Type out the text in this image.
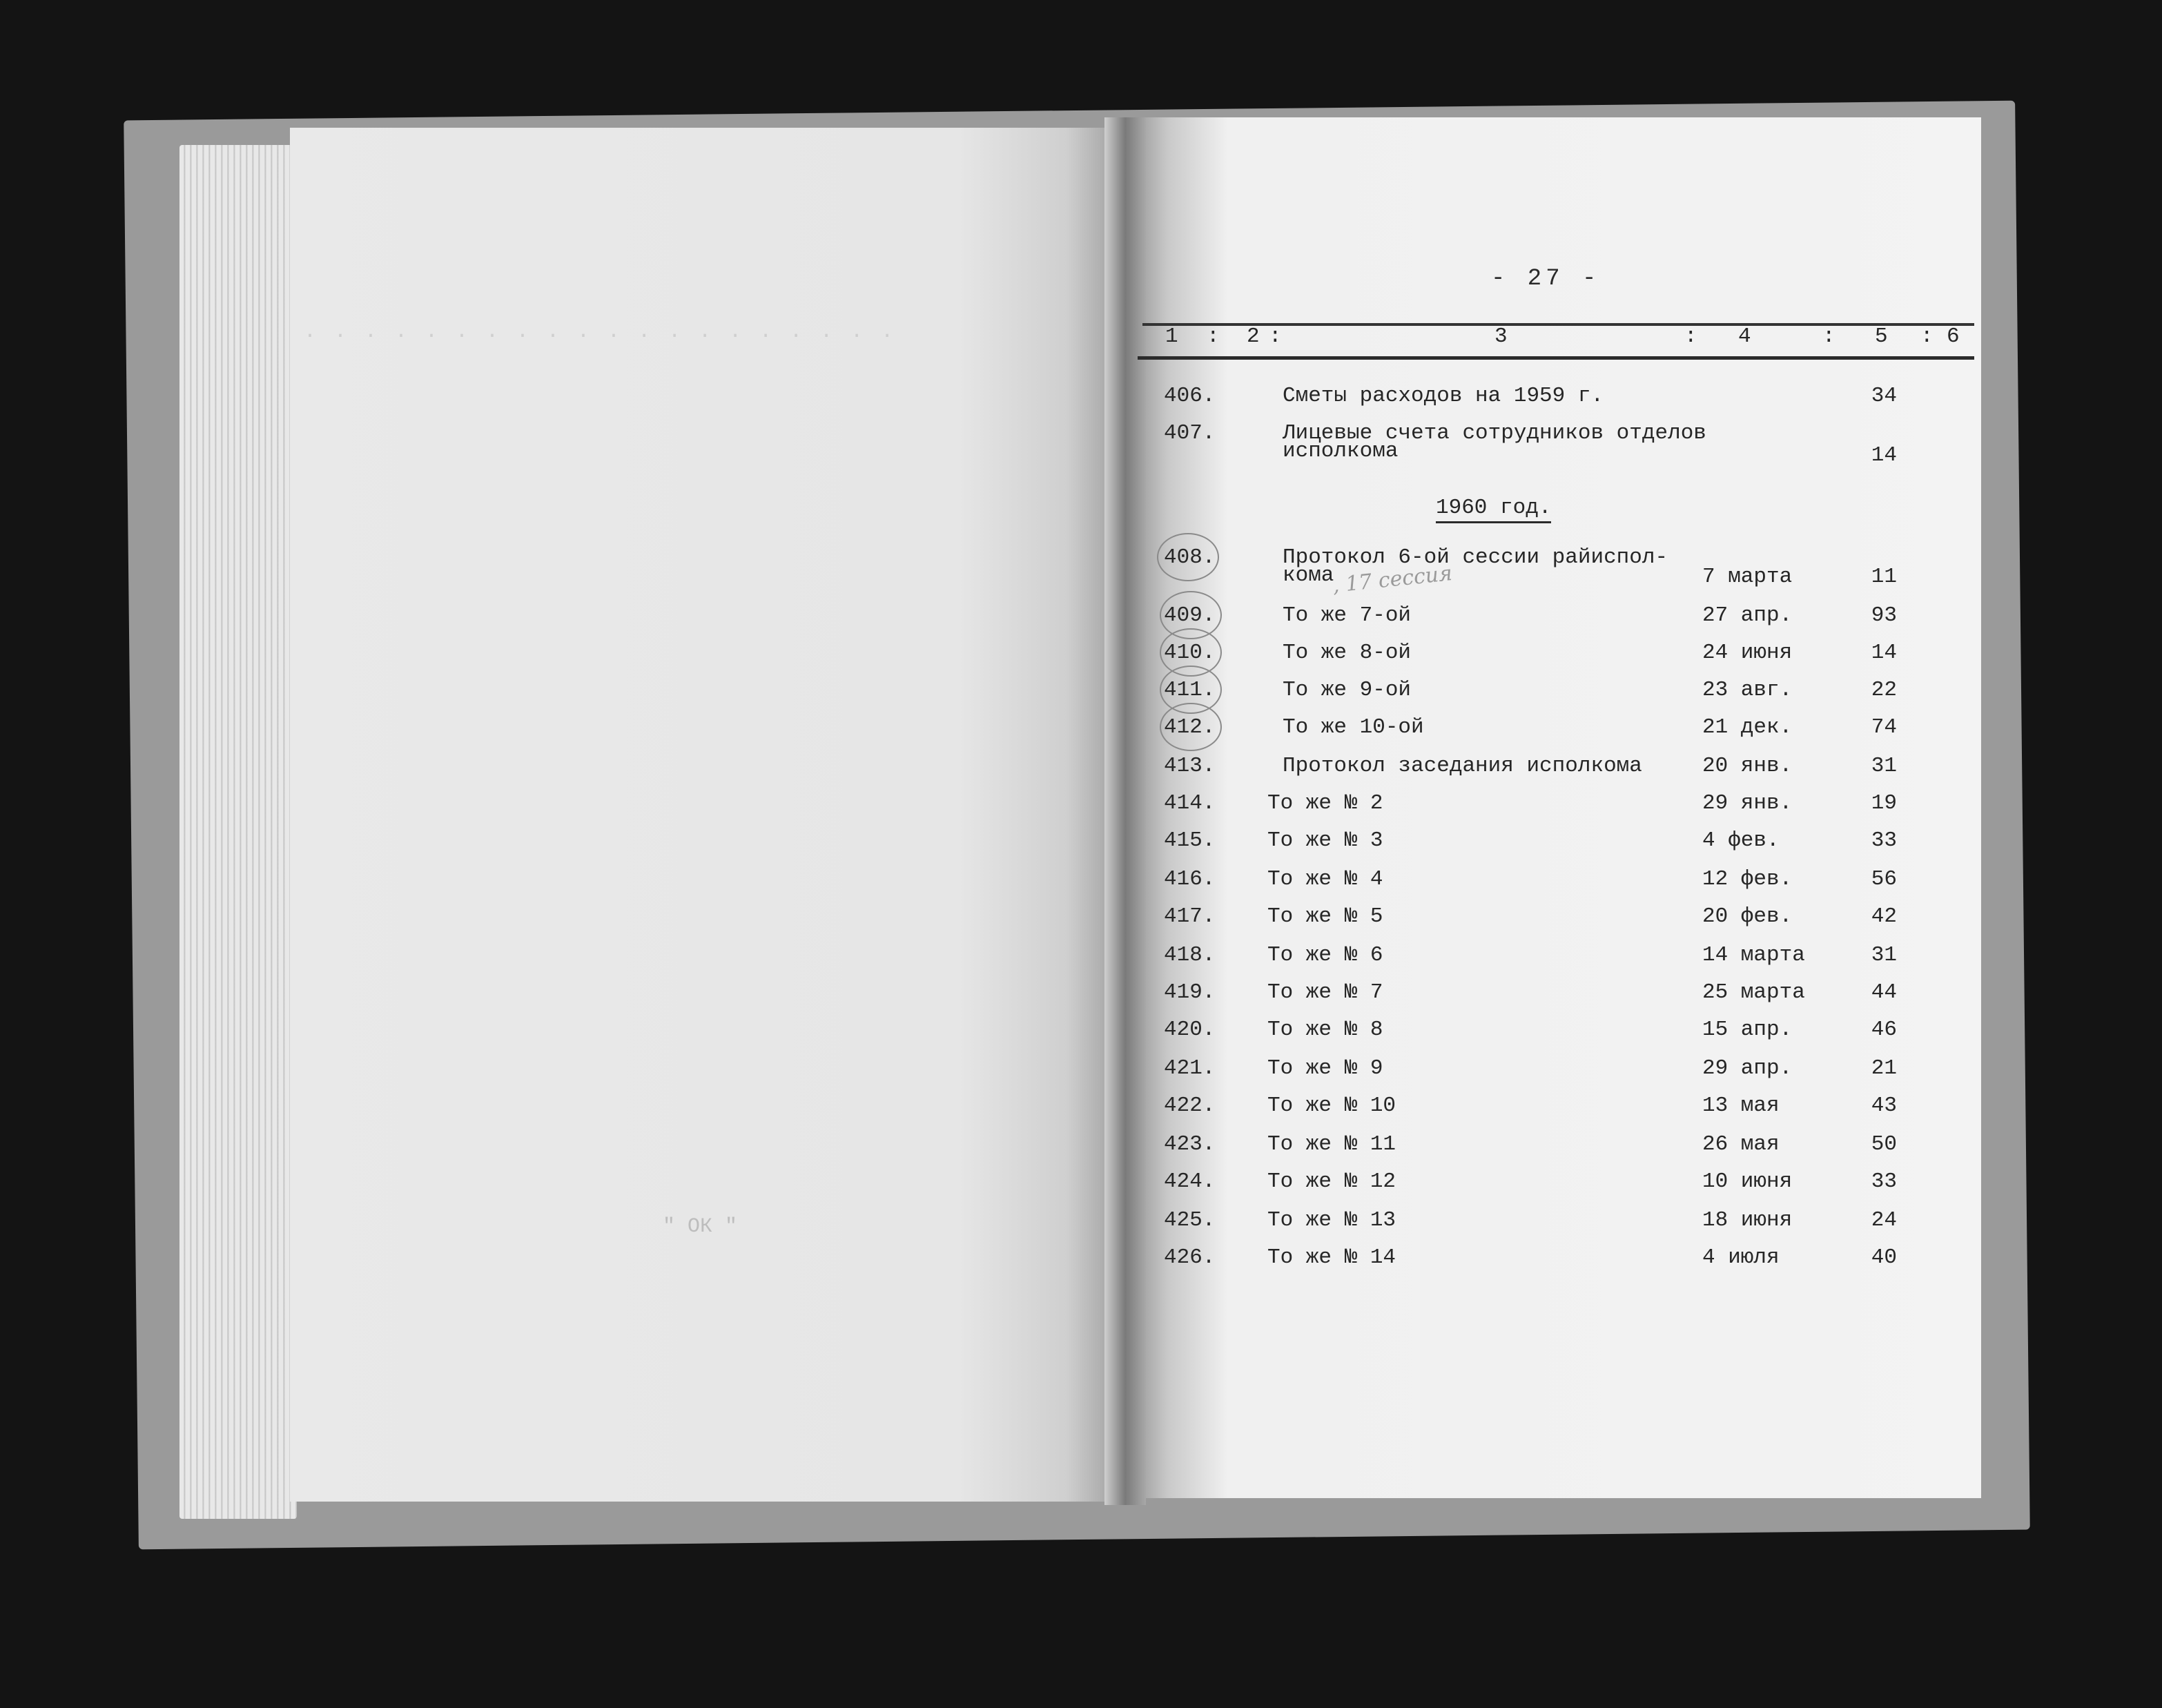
· · · · · · · · · · · · · · · · · · · ·
" ОК "
- 27 -
1 : 2 :	3	: 4	: 5 : 6
406.	Сметы расходов на 1959 г.	34
407.	Лицевые счета сотрудников отделов
исполкома	14
1960 год.
, 17 сессия
408.	Протокол 6-ой сессии райиспол-
кома	7 марта	11
409.	То же 7-ой	27 апр.	93
410.	То же 8-ой	24 июня	14
411.	То же 9-ой	23 авг.	22
412.	То же 10-ой	21 дек.	74
413.	Протокол заседания исполкома	20 янв.	31
414. То же № 2	29 янв.	19
415. То же № 3	4 фев.	33
416. То же № 4	12 фев.	56
417. То же № 5	20 фев.	42
418. То же № 6	14 марта	31
419. То же № 7	25 марта	44
420. То же № 8	15 апр.	46
421. То же № 9	29 апр.	21
422. То же № 10	13 мая	43
423. То же № 11	26 мая	50
424. То же № 12	10 июня	33
425. То же № 13	18 июня	24
426. То же № 14	4 июля	40
